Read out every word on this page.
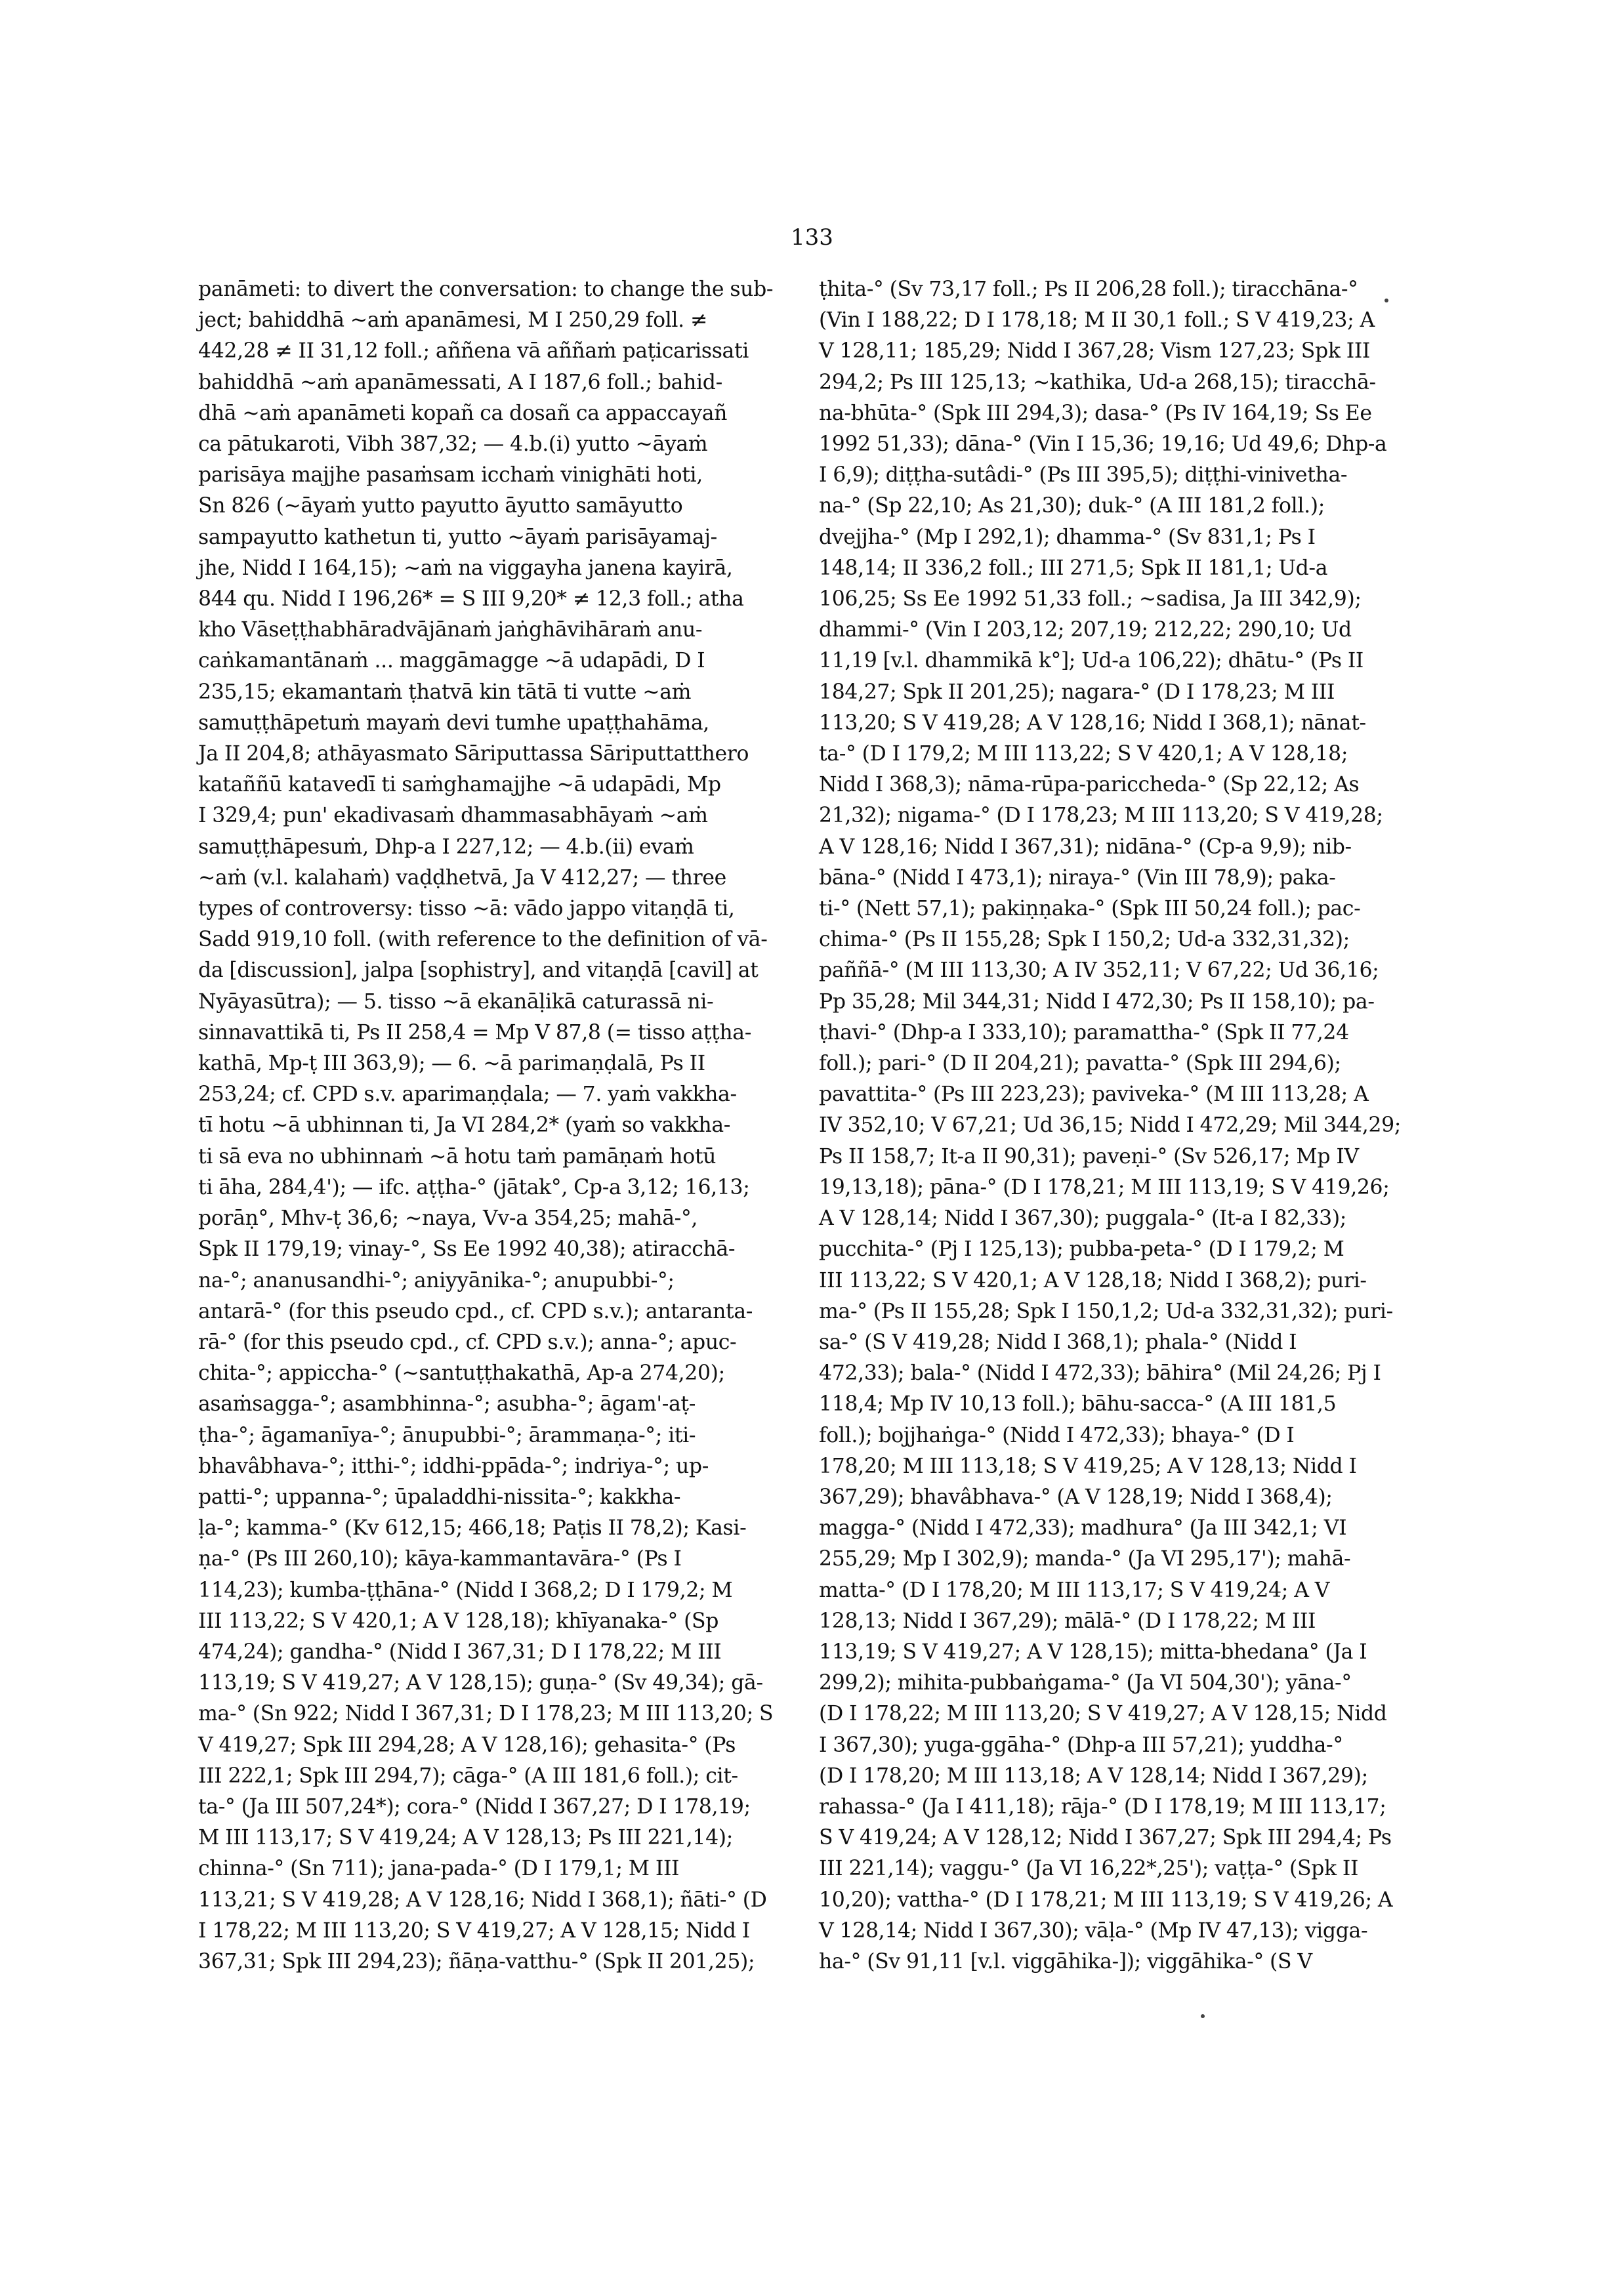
133
panāmeti: to divert the conversation: to change the sub-
ject; bahiddhā ~aṁ apanāmesi, M I 250,29 foll. ≠
442,28 ≠ II 31,12 foll.; aññena vā aññaṁ paṭicarissati
bahiddhā ~aṁ apanāmessati, A I 187,6 foll.; bahid-
dhā ~aṁ apanāmeti kopañ ca dosañ ca appaccayañ
ca pātukaroti, Vibh 387,32; — 4.b.(i) yutto ~āyaṁ
parisāya majjhe pasaṁsam icchaṁ vinighāti hoti,
Sn 826 (~āyaṁ yutto payutto āyutto samāyutto
sampayutto kathetun ti, yutto ~āyaṁ parisāyamaj-
jhe, Nidd I 164,15); ~aṁ na viggayha janena kayirā,
844 qu. Nidd I 196,26* = S III 9,20* ≠ 12,3 foll.; atha
kho Vāseṭṭhabhāradvājānaṁ jaṅghāvihāraṁ anu-
caṅkamantānaṁ ... maggāmagge ~ā udapādi, D I
235,15; ekamantaṁ ṭhatvā kin tātā ti vutte ~aṁ
samuṭṭhāpetuṁ mayaṁ devi tumhe upaṭṭhahāma,
Ja II 204,8; athāyasmato Sāriputtassa Sāriputtatthero
kataññū katavedī ti saṁghamajjhe ~ā udapādi, Mp
I 329,4; pun' ekadivasaṁ dhammasabhāyaṁ ~aṁ
samuṭṭhāpesuṁ, Dhp-a I 227,12; — 4.b.(ii) evaṁ
~aṁ (v.l. kalahaṁ) vaḍḍhetvā, Ja V 412,27; — three
types of controversy: tisso ~ā: vādo jappo vitaṇḍā ti,
Sadd 919,10 foll. (with reference to the definition of vā-
da [discussion], jalpa [sophistry], and vitaṇḍā [cavil] at
Nyāyasūtra); — 5. tisso ~ā ekanāḷikā caturassā ni-
sinnavattikā ti, Ps II 258,4 = Mp V 87,8 (= tisso aṭṭha-
kathā, Mp-ṭ III 363,9); — 6. ~ā parimaṇḍalā, Ps II
253,24; cf. CPD s.v. aparimaṇḍala; — 7. yaṁ vakkha-
tī hotu ~ā ubhinnan ti, Ja VI 284,2* (yaṁ so vakkha-
ti sā eva no ubhinnaṁ ~ā hotu taṁ pamāṇaṁ hotū
ti āha, 284,4'); — ifc. aṭṭha-° (jātak°, Cp-a 3,12; 16,13;
porāṇ°, Mhv-ṭ 36,6; ~naya, Vv-a 354,25; mahā-°,
Spk II 179,19; vinay-°, Ss Ee 1992 40,38); atiracchā-
na-°; ananusandhi-°; aniyyānika-°; anupubbi-°;
antarā-° (for this pseudo cpd., cf. CPD s.v.); antaranta-
rā-° (for this pseudo cpd., cf. CPD s.v.); anna-°; apuc-
chita-°; appiccha-° (~santuṭṭhakathā, Ap-a 274,20);
asaṁsagga-°; asambhinna-°; asubha-°; āgam'-aṭ-
ṭha-°; āgamanīya-°; ānupubbi-°; ārammaṇa-°; iti-
bhavâbhava-°; itthi-°; iddhi-ppāda-°; indriya-°; up-
patti-°; uppanna-°; ūpaladdhi-nissita-°; kakkha-
ḷa-°; kamma-° (Kv 612,15; 466,18; Paṭis II 78,2); Kasi-
ṇa-° (Ps III 260,10); kāya-kammantavāra-° (Ps I
114,23); kumba-ṭṭhāna-° (Nidd I 368,2; D I 179,2; M
III 113,22; S V 420,1; A V 128,18); khīyanaka-° (Sp
474,24); gandha-° (Nidd I 367,31; D I 178,22; M III
113,19; S V 419,27; A V 128,15); guṇa-° (Sv 49,34); gā-
ma-° (Sn 922; Nidd I 367,31; D I 178,23; M III 113,20; S
V 419,27; Spk III 294,28; A V 128,16); gehasita-° (Ps
III 222,1; Spk III 294,7); cāga-° (A III 181,6 foll.); cit-
ta-° (Ja III 507,24*); cora-° (Nidd I 367,27; D I 178,19;
M III 113,17; S V 419,24; A V 128,13; Ps III 221,14);
chinna-° (Sn 711); jana-pada-° (D I 179,1; M III
113,21; S V 419,28; A V 128,16; Nidd I 368,1); ñāti-° (D
I 178,22; M III 113,20; S V 419,27; A V 128,15; Nidd I
367,31; Spk III 294,23); ñāṇa-vatthu-° (Spk II 201,25);
ṭhita-° (Sv 73,17 foll.; Ps II 206,28 foll.); tiracchāna-°
(Vin I 188,22; D I 178,18; M II 30,1 foll.; S V 419,23; A
V 128,11; 185,29; Nidd I 367,28; Vism 127,23; Spk III
294,2; Ps III 125,13; ~kathika, Ud-a 268,15); tiracchā-
na-bhūta-° (Spk III 294,3); dasa-° (Ps IV 164,19; Ss Ee
1992 51,33); dāna-° (Vin I 15,36; 19,16; Ud 49,6; Dhp-a
I 6,9); diṭṭha-sutâdi-° (Ps III 395,5); diṭṭhi-vinivetha-
na-° (Sp 22,10; As 21,30); duk-° (A III 181,2 foll.);
dvejjha-° (Mp I 292,1); dhamma-° (Sv 831,1; Ps I
148,14; II 336,2 foll.; III 271,5; Spk II 181,1; Ud-a
106,25; Ss Ee 1992 51,33 foll.; ~sadisa, Ja III 342,9);
dhammi-° (Vin I 203,12; 207,19; 212,22; 290,10; Ud
11,19 [v.l. dhammikā k°]; Ud-a 106,22); dhātu-° (Ps II
184,27; Spk II 201,25); nagara-° (D I 178,23; M III
113,20; S V 419,28; A V 128,16; Nidd I 368,1); nānat-
ta-° (D I 179,2; M III 113,22; S V 420,1; A V 128,18;
Nidd I 368,3); nāma-rūpa-pariccheda-° (Sp 22,12; As
21,32); nigama-° (D I 178,23; M III 113,20; S V 419,28;
A V 128,16; Nidd I 367,31); nidāna-° (Cp-a 9,9); nib-
bāna-° (Nidd I 473,1); niraya-° (Vin III 78,9); paka-
ti-° (Nett 57,1); pakiṇṇaka-° (Spk III 50,24 foll.); pac-
chima-° (Ps II 155,28; Spk I 150,2; Ud-a 332,31,32);
paññā-° (M III 113,30; A IV 352,11; V 67,22; Ud 36,16;
Pp 35,28; Mil 344,31; Nidd I 472,30; Ps II 158,10); pa-
ṭhavi-° (Dhp-a I 333,10); paramattha-° (Spk II 77,24
foll.); pari-° (D II 204,21); pavatta-° (Spk III 294,6);
pavattita-° (Ps III 223,23); paviveka-° (M III 113,28; A
IV 352,10; V 67,21; Ud 36,15; Nidd I 472,29; Mil 344,29;
Ps II 158,7; It-a II 90,31); paveṇi-° (Sv 526,17; Mp IV
19,13,18); pāna-° (D I 178,21; M III 113,19; S V 419,26;
A V 128,14; Nidd I 367,30); puggala-° (It-a I 82,33);
pucchita-° (Pj I 125,13); pubba-peta-° (D I 179,2; M
III 113,22; S V 420,1; A V 128,18; Nidd I 368,2); puri-
ma-° (Ps II 155,28; Spk I 150,1,2; Ud-a 332,31,32); puri-
sa-° (S V 419,28; Nidd I 368,1); phala-° (Nidd I
472,33); bala-° (Nidd I 472,33); bāhira° (Mil 24,26; Pj I
118,4; Mp IV 10,13 foll.); bāhu-sacca-° (A III 181,5
foll.); bojjhaṅga-° (Nidd I 472,33); bhaya-° (D I
178,20; M III 113,18; S V 419,25; A V 128,13; Nidd I
367,29); bhavâbhava-° (A V 128,19; Nidd I 368,4);
magga-° (Nidd I 472,33); madhura° (Ja III 342,1; VI
255,29; Mp I 302,9); manda-° (Ja VI 295,17'); mahā-
matta-° (D I 178,20; M III 113,17; S V 419,24; A V
128,13; Nidd I 367,29); mālā-° (D I 178,22; M III
113,19; S V 419,27; A V 128,15); mitta-bhedana° (Ja I
299,2); mihita-pubbaṅgama-° (Ja VI 504,30'); yāna-°
(D I 178,22; M III 113,20; S V 419,27; A V 128,15; Nidd
I 367,30); yuga-ggāha-° (Dhp-a III 57,21); yuddha-°
(D I 178,20; M III 113,18; A V 128,14; Nidd I 367,29);
rahassa-° (Ja I 411,18); rāja-° (D I 178,19; M III 113,17;
S V 419,24; A V 128,12; Nidd I 367,27; Spk III 294,4; Ps
III 221,14); vaggu-° (Ja VI 16,22*,25'); vaṭṭa-° (Spk II
10,20); vattha-° (D I 178,21; M III 113,19; S V 419,26; A
V 128,14; Nidd I 367,30); vāḷa-° (Mp IV 47,13); vigga-
ha-° (Sv 91,11 [v.l. viggāhika-]); viggāhika-° (S V
